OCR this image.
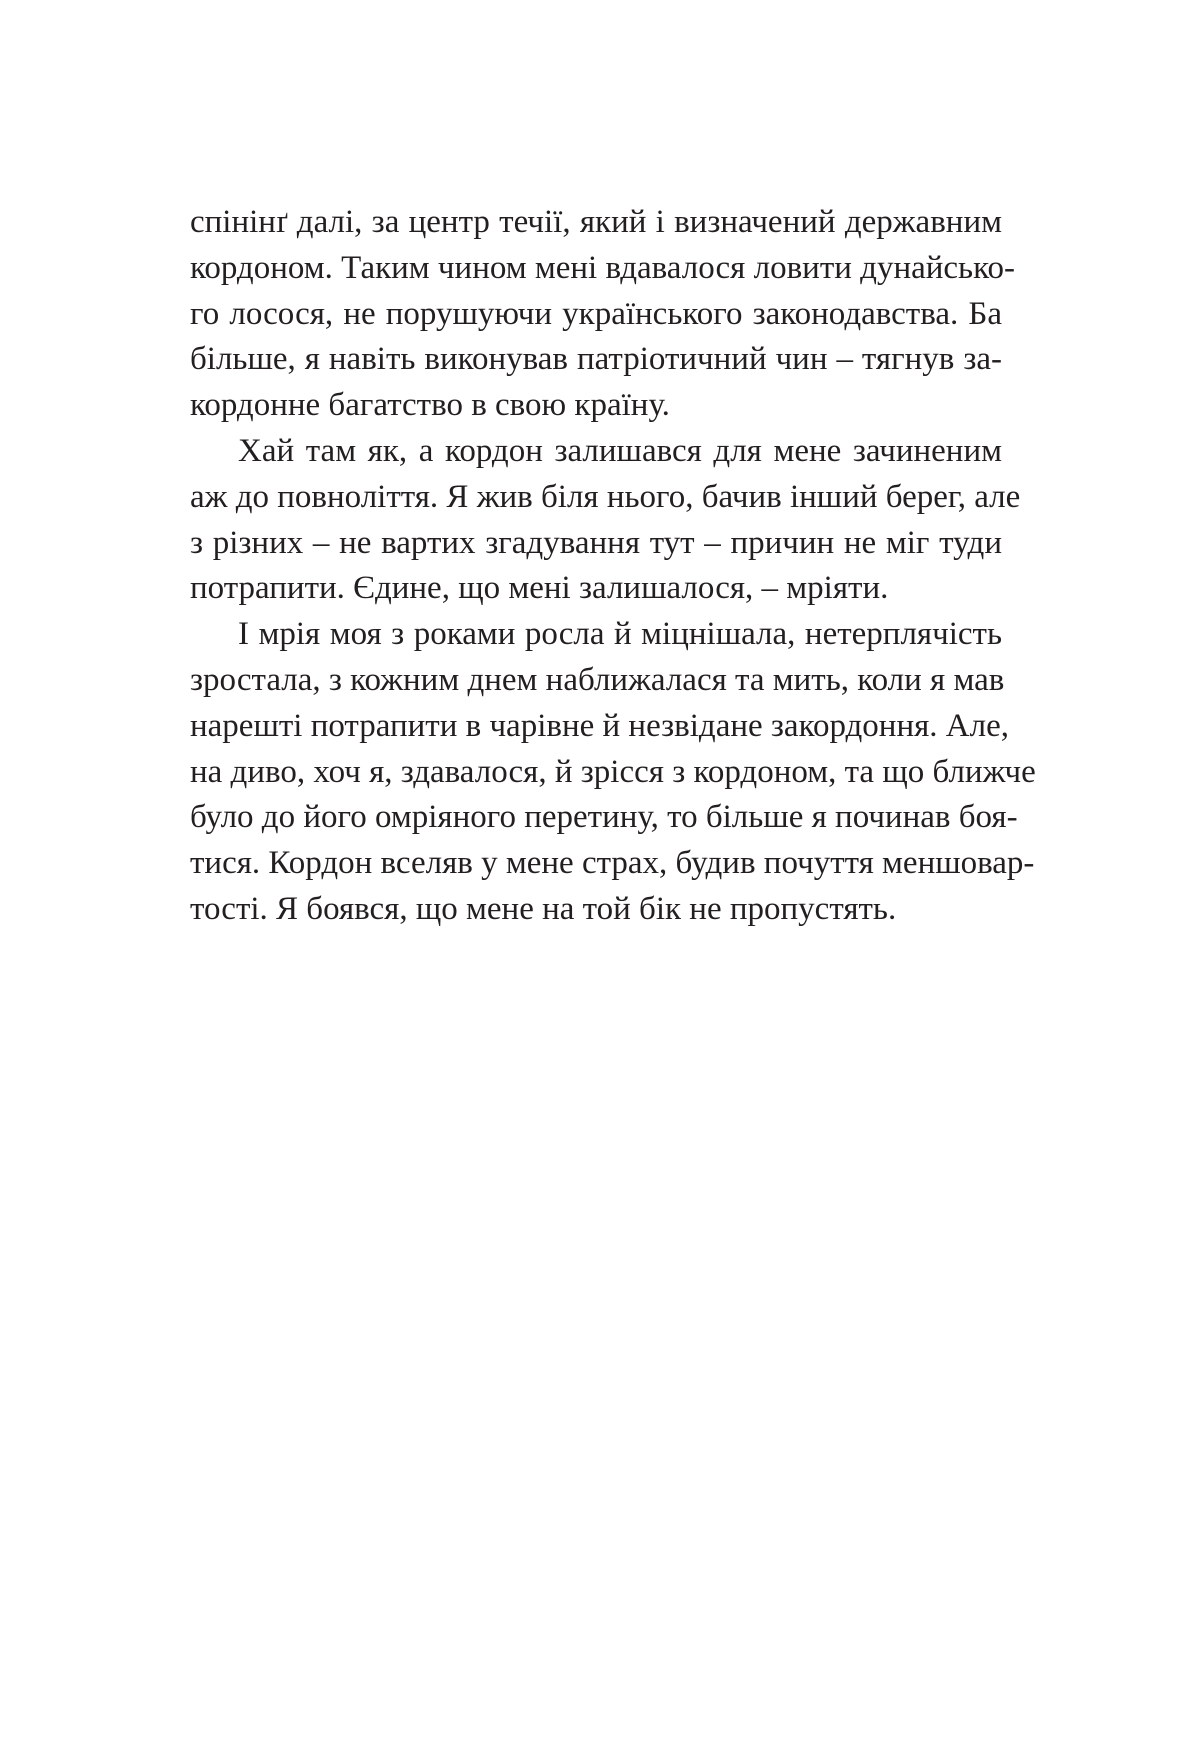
спінінґ далі, за центр течії, який і визначений державним
кордоном. Таким чином мені вдавалося ловити дунайсько-
го лосося, не порушуючи українського законодавства. Ба
більше, я навіть виконував патріотичний чин – тягнув за-
кордонне багатство в свою країну.
Хай там як, а кордон залишався для мене зачиненим
аж до повноліття. Я жив біля нього, бачив інший берег, але
з різних – не вартих згадування тут – причин не міг туди
потрапити. Єдине, що мені залишалося, – мріяти.
І мрія моя з роками росла й міцнішала, нетерплячість
зростала, з кожним днем наближалася та мить, коли я мав
нарешті потрапити в чарівне й незвідане закордоння. Але,
на диво, хоч я, здавалося, й зрісся з кордоном, та що ближче
було до його омріяного перетину, то більше я починав боя-
тися. Кордон вселяв у мене страх, будив почуття меншовар-
тості. Я боявся, що мене на той бік не пропустять.
